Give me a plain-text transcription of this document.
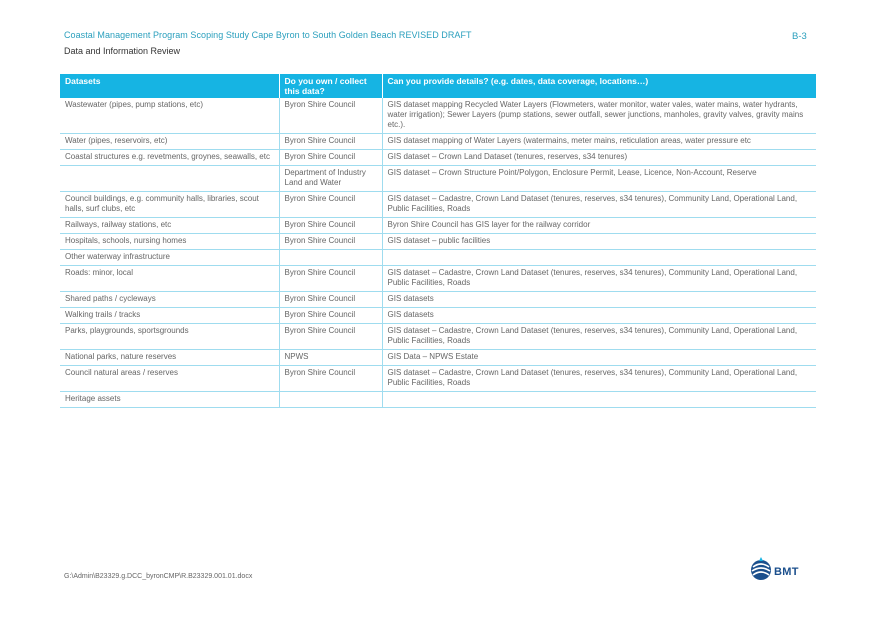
Coastal Management Program Scoping Study Cape Byron to South Golden Beach REVISED DRAFT
Data and Information Review
B-3
Datasets	Do you own / collect this data?	Can you provide details? (e.g. dates, data coverage, locations…)
Wastewater (pipes, pump stations, etc)	Byron Shire Council	GIS dataset mapping Recycled Water Layers (Flowmeters, water monitor, water vales, water mains, water hydrants, water irrigation); Sewer Layers (pump stations, sewer outfall, sewer junctions, manholes, gravity valves, gravity mains etc.).
Water (pipes, reservoirs, etc)	Byron Shire Council	GIS dataset mapping of Water Layers (watermains, meter mains, reticulation areas, water pressure etc
Coastal structures e.g. revetments, groynes, seawalls, etc	Byron Shire Council	GIS dataset – Crown Land Dataset (tenures, reserves, s34 tenures)
	Department of Industry Land and Water	GIS dataset – Crown Structure Point/Polygon, Enclosure Permit, Lease, Licence, Non-Account, Reserve
Council buildings, e.g. community halls, libraries, scout halls, surf clubs, etc	Byron Shire Council	GIS dataset – Cadastre, Crown Land Dataset (tenures, reserves, s34 tenures), Community Land, Operational Land, Public Facilities, Roads
Railways, railway stations, etc	Byron Shire Council	Byron Shire Council has GIS layer for the railway corridor
Hospitals, schools, nursing homes	Byron Shire Council	GIS dataset – public facilities
Other waterway infrastructure		
Roads: minor, local	Byron Shire Council	GIS dataset – Cadastre, Crown Land Dataset (tenures, reserves, s34 tenures), Community Land, Operational Land, Public Facilities, Roads
Shared paths / cycleways	Byron Shire Council	GIS datasets
Walking trails / tracks	Byron Shire Council	GIS datasets
Parks, playgrounds, sportsgrounds	Byron Shire Council	GIS dataset – Cadastre, Crown Land Dataset (tenures, reserves, s34 tenures), Community Land, Operational Land, Public Facilities, Roads
National parks, nature reserves	NPWS	GIS Data – NPWS Estate
Council natural areas / reserves	Byron Shire Council	GIS dataset – Cadastre, Crown Land Dataset (tenures, reserves, s34 tenures), Community Land, Operational Land, Public Facilities, Roads
Heritage assets		
G:\Admin\B23329.g.DCC_byronCMP\R.B23329.001.01.docx	BMT
